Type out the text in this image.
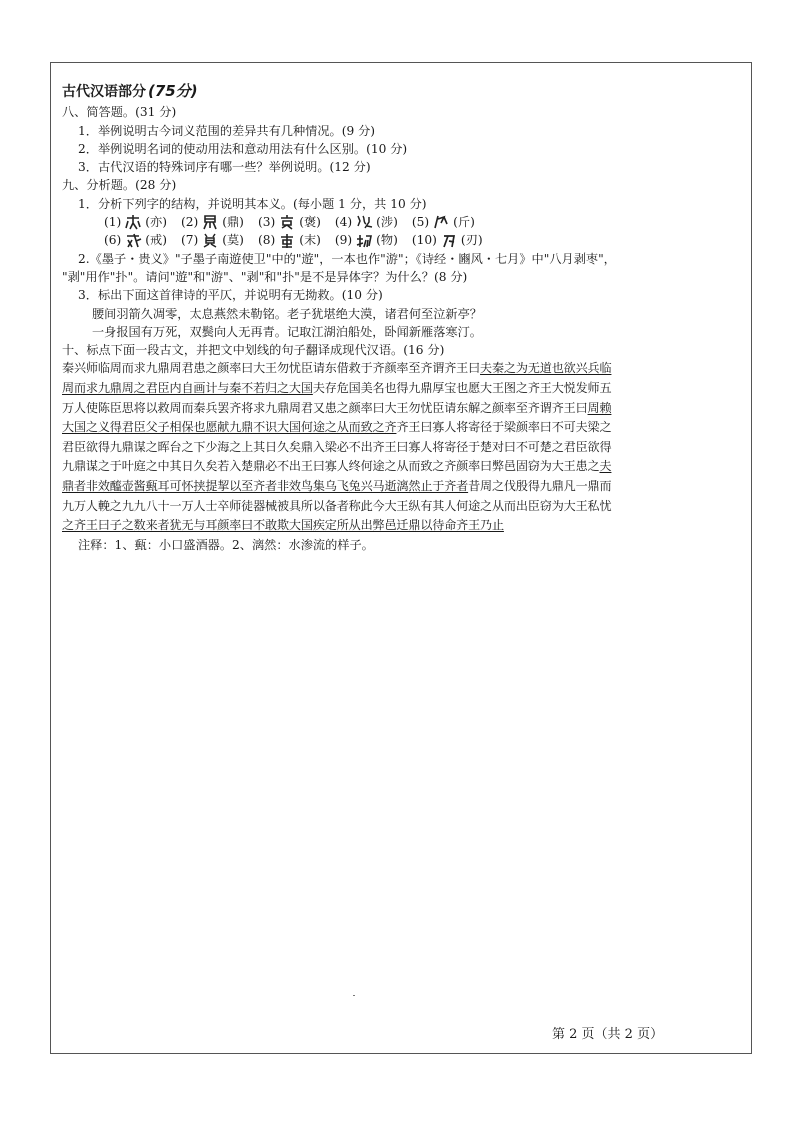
古代汉语部分 (75分)
八、简答题。(31 分)
1．举例说明古今词义范围的差异共有几种情况。(9 分)
2．举例说明名词的使动用法和意动用法有什么区别。(10 分)
3．古代汉语的特殊词序有哪一些？举例说明。(12 分)
九、分析题。(28 分)
1．分析下列字的结构，并说明其本义。(每小题 1 分，共 10 分)
(1) (亦) (2) (鼎) (3) (褒) (4) (涉) (5) (斤)
(6) (戒) (7) (莫) (8) (末) (9) (物) (10) (刃)
2.《墨子・贵义》"子墨子南遊使卫"中的"遊"，一本也作"游"；《诗经・豳风・七月》中"八月剥枣"，
"剥"用作"扑"。请问"遊"和"游"、"剥"和"扑"是不是异体字？为什么？(8 分)
3．标出下面这首律诗的平仄，并说明有无拗救。(10 分)
腰间羽箭久凋零，太息燕然未勒铭。老子犹堪绝大漠，诸君何至泣新亭？
一身报国有万死，双鬓向人无再青。记取江湖泊船处，卧闻新雁落寒汀。
十、标点下面一段古文，并把文中划线的句子翻译成现代汉语。(16 分)
秦兴师临周而求九鼎周君患之颜率曰大王勿忧臣请东借救于齐颜率至齐谓齐王曰夫秦之为无道也欲兴兵临
周而求九鼎周之君臣内自画计与秦不若归之大国夫存危国美名也得九鼎厚宝也愿大王图之齐王大悦发师五
万人使陈臣思将以救周而秦兵罢齐将求九鼎周君又患之颜率曰大王勿忧臣请东解之颜率至齐谓齐王曰周赖
大国之义得君臣父子相保也愿献九鼎不识大国何途之从而致之齐齐王曰寡人将寄径于梁颜率曰不可夫梁之
君臣欲得九鼎谋之晖台之下少海之上其日久矣鼎入梁必不出齐王曰寡人将寄径于楚对曰不可楚之君臣欲得
九鼎谋之于叶庭之中其日久矣若入楚鼎必不出王曰寡人终何途之从而致之齐颜率曰弊邑固窃为大王患之夫
鼎者非效醯壶酱甀耳可怀挟提挈以至齐者非效鸟集乌飞兔兴马逝漓然止于齐者昔周之伐殷得九鼎凡一鼎而
九万人輓之九九八十一万人士卒师徒器械被具所以备者称此今大王纵有其人何途之从而出臣窃为大王私忧
之齐王曰子之数来者犹无与耳颜率曰不敢欺大国疾定所从出弊邑迁鼎以待命齐王乃止
注释：1、甀：小口盛酒器。2、漓然：水渗流的样子。
第 2 页（共 2 页）
